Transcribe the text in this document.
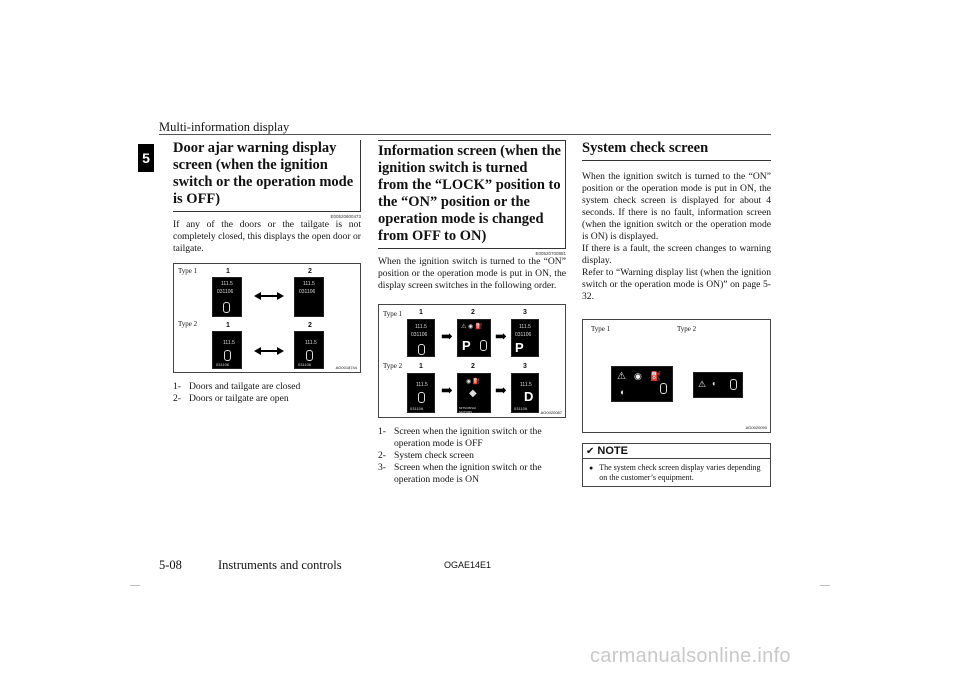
Multi-information display
5
Door ajar warning display screen (when the ignition switch or the operation mode is OFF)
E00520600473

If any of the doors or the tailgate is not completely closed, this displays the open door or tailgate.

Type 1
Type 2
1	2
1	2
111.5
031106
111.5
031106
111.5
031106
111.5
031106
AG0018744
1- Doors and tailgate are closed
2- Doors or tailgate are open
Information screen (when the ignition switch is turned from the “LOCK” position to the “ON” position or the operation mode is changed from OFF to ON)
E00520700881

When the ignition switch is turned to the “ON” position or the operation mode is put in ON, the display screen switches in the following order.

Type 1
Type 2
1	2	3
1	2	3
111.5
031106 ➡
⚠ ◉ ⛽
P
➡
111.5
031106
P
111.5
031106
➡
◉ ⛽
◆
MITSUBISHI MOTORS
➡	111.5
D
031106
AG0020087
1- Screen when the ignition switch or the operation mode is OFF
2- System check screen
3- Screen when the ignition switch or the operation mode is ON
System check screen

When the ignition switch is turned to the “ON” position or the operation mode is put in ON, the system check screen is displayed for about 4 seconds. If there is no fault, information screen (when the ignition switch or the operation mode is ON) is displayed.

If there is a fault, the screen changes to warning display.

Refer to “Warning display list (when the ignition switch or the operation mode is ON)” on page 5-32.

Type 1	Type 2
⚠ ◉ ⛽
◐
⚠ ◐
AG0020090
✔ NOTE
● The system check screen display varies depending on the customer’s equipment.
5-08	Instruments and controls	OGAE14E1
carmanualsonline.info
